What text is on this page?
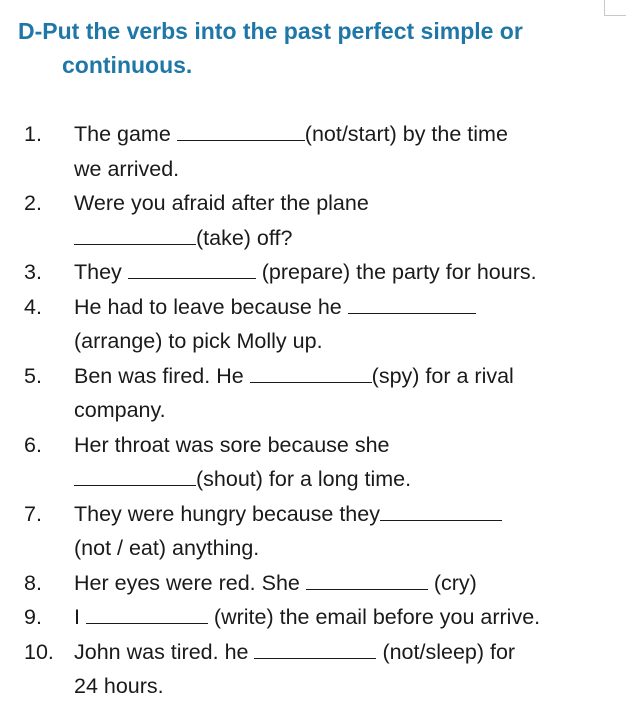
D-Put the verbs into the past perfect simple or
continuous.
1. The game	(not/start) by the time
we arrived.
2. Were you afraid after the plane
(take) off?
3. They	(prepare) the party for hours.
4. He had to leave because he
(arrange) to pick Molly up.
5. Ben was fired. He	(spy) for a rival
company.
6. Her throat was sore because she
(shout) for a long time.
7. They were hungry because they
(not / eat) anything.
8. Her eyes were red. She	(cry)
9. I	(write) the email before you arrive.
10. John was tired. he	(not/sleep) for
24 hours.
